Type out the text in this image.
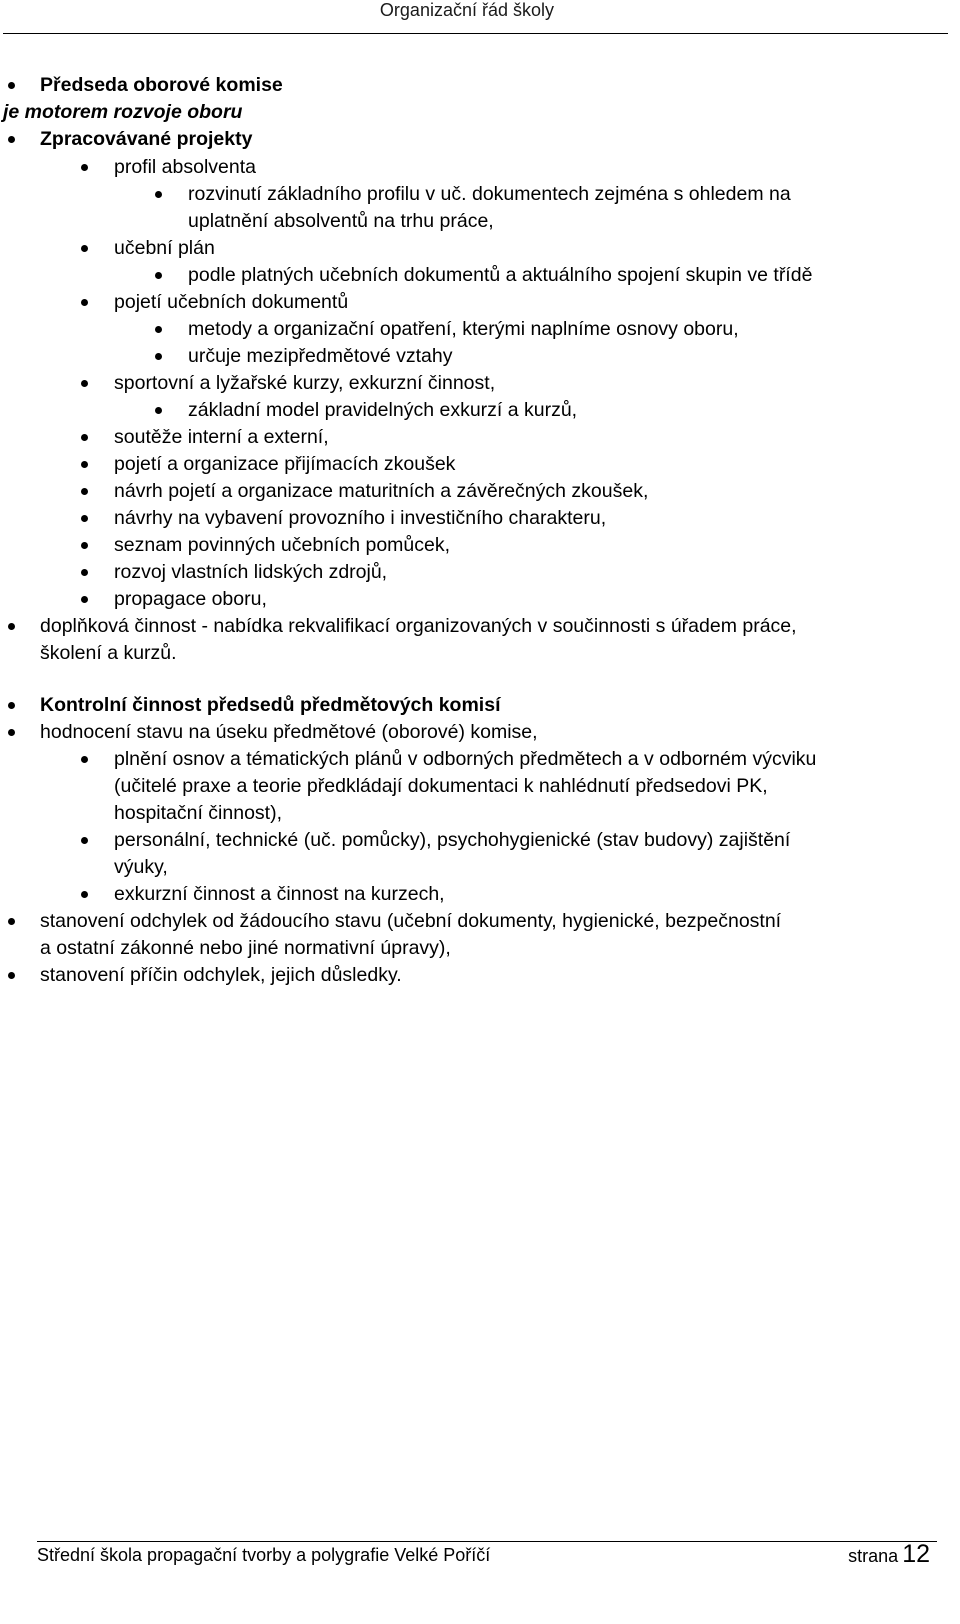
Organizační řád školy
Předseda oborové komise
je motorem rozvoje oboru
Zpracovávané projekty
profil absolventa
rozvinutí základního profilu v uč. dokumentech zejména s ohledem na
uplatnění absolventů na trhu práce,
učební plán
podle platných učebních dokumentů a aktuálního spojení skupin ve třídě
pojetí učebních dokumentů
metody a organizační opatření, kterými naplníme osnovy oboru,
určuje mezipředmětové vztahy
sportovní a lyžařské kurzy, exkurzní činnost,
základní model pravidelných exkurzí a kurzů,
soutěže interní a externí,
pojetí a organizace přijímacích zkoušek
návrh pojetí a organizace maturitních a závěrečných zkoušek,
návrhy na vybavení provozního i investičního charakteru,
seznam povinných učebních pomůcek,
rozvoj vlastních lidských zdrojů,
propagace oboru,
doplňková činnost - nabídka rekvalifikací organizovaných v součinnosti s úřadem práce,
školení a kurzů.
Kontrolní činnost předsedů předmětových komisí
hodnocení stavu na úseku předmětové (oborové) komise,
plnění osnov a tématických plánů v odborných předmětech a v odborném výcviku
(učitelé praxe a teorie předkládají dokumentaci k nahlédnutí předsedovi PK,
hospitační činnost),
personální, technické (uč. pomůcky), psychohygienické (stav budovy) zajištění
výuky,
exkurzní činnost a činnost na kurzech,
stanovení odchylek od žádoucího stavu (učební dokumenty, hygienické, bezpečnostní
a ostatní zákonné nebo jiné normativní úpravy),
stanovení příčin odchylek, jejich důsledky.
Střední škola propagační tvorby a polygrafie Velké Poříčí	strana 12
